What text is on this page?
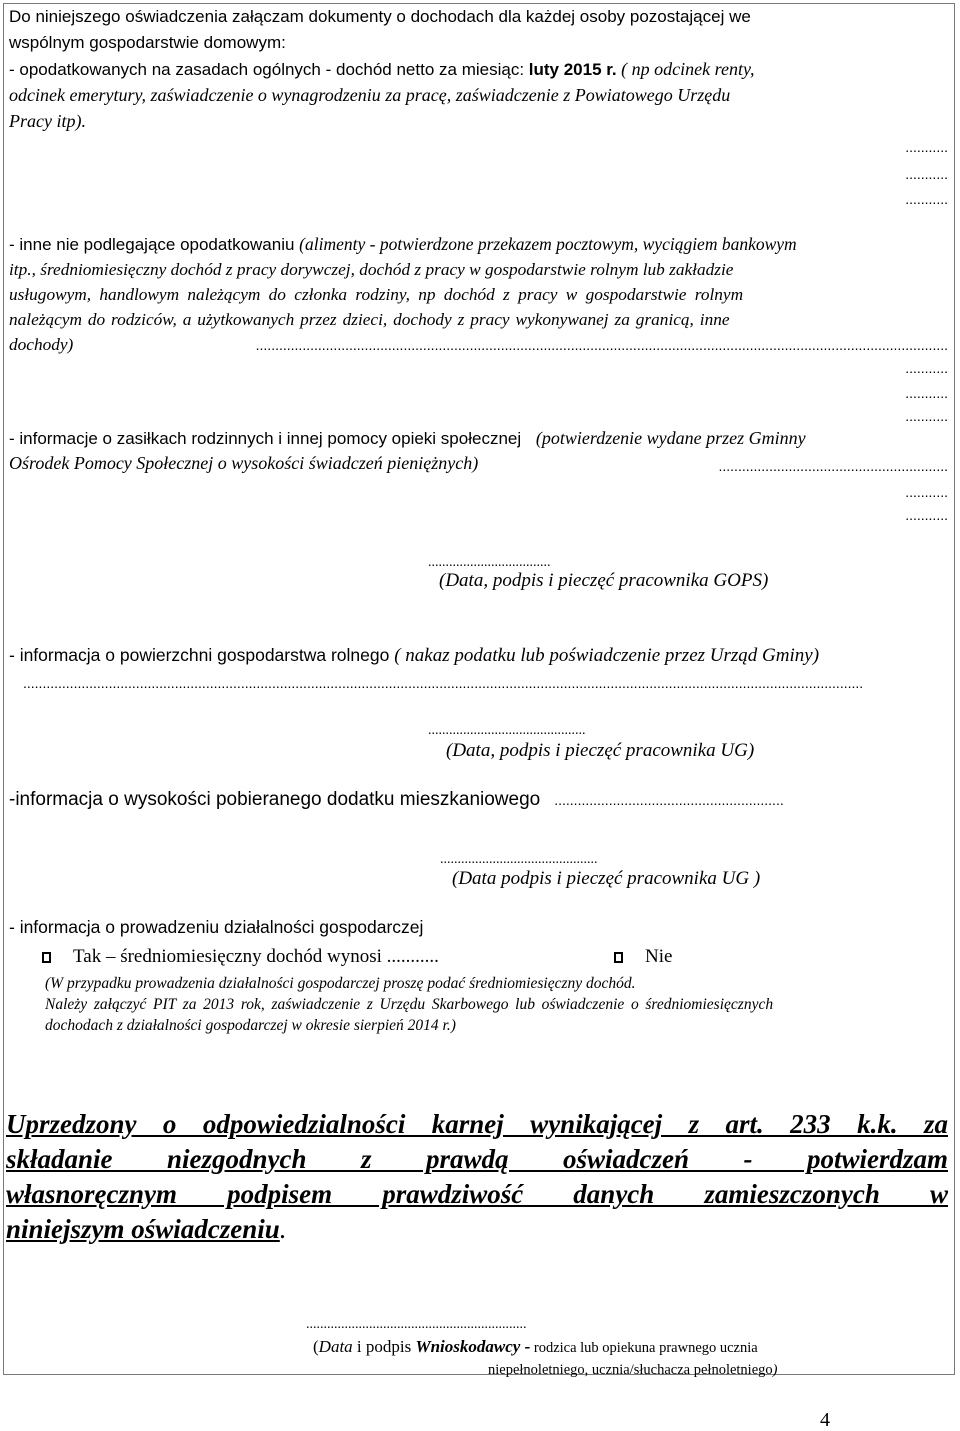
Do niniejszego oświadczenia załączam dokumenty o dochodach dla każdej osoby pozostającej we
wspólnym gospodarstwie domowym:
- opodatkowanych na zasadach ogólnych - dochód netto za miesiąc: luty 2015 r. ( np odcinek renty,
odcinek emerytury, zaświadczenie o wynagrodzeniu za pracę, zaświadczenie z Powiatowego Urzędu
Pracy itp).
...........
...........
...........
- inne nie podlegające opodatkowaniu (alimenty - potwierdzone przekazem pocztowym, wyciągiem bankowym
itp., średniomiesięczny dochód z pracy dorywczej, dochód z pracy w gospodarstwie rolnym lub zakładzie
usługowym, handlowym należącym do członka rodziny, np dochód z pracy w gospodarstwie rolnym
należącym do rodziców, a użytkowanych przez dzieci, dochody z pracy wykonywanej za granicą, inne
dochody)	..................................................................................................................................................................................
...........
...........
...........
- informacje o zasiłkach rodzinnych i innej pomocy opieki społecznej (potwierdzenie wydane przez Gminny
Ośrodek Pomocy Społecznej o wysokości świadczeń pieniężnych)	...........................................................
...........
...........
...................................
(Data, podpis i pieczęć pracownika GOPS)
- informacja o powierzchni gospodarstwa rolnego ( nakaz podatku lub poświadczenie przez Urząd Gminy)
........................................................................................................................................................................................................................
.............................................
(Data, podpis i pieczęć pracownika UG)
-informacja o wysokości pobieranego dodatku mieszkaniowego ...........................................................
.............................................
(Data podpis i pieczęć pracownika UG )
- informacja o prowadzeniu działalności gospodarczej
Tak – średniomiesięczny dochód wynosi ...........	Nie
(W przypadku prowadzenia działalności gospodarczej proszę podać średniomiesięczny dochód.
Należy załączyć PIT za 2013 rok, zaświadczenie z Urzędu Skarbowego lub oświadczenie o średniomiesięcznych
dochodach z działalności gospodarczej w okresie sierpień 2014 r.)
Uprzedzony o odpowiedzialności karnej wynikającej z art. 233 k.k. za
składanie niezgodnych z prawdą oświadczeń - potwierdzam
własnoręcznym podpisem prawdziwość danych zamieszczonych w
niniejszym oświadczeniu.
...............................................................
(Data i podpis Wnioskodawcy - rodzica lub opiekuna prawnego ucznia
niepełnoletniego, ucznia/słuchacza pełnoletniego)
4
